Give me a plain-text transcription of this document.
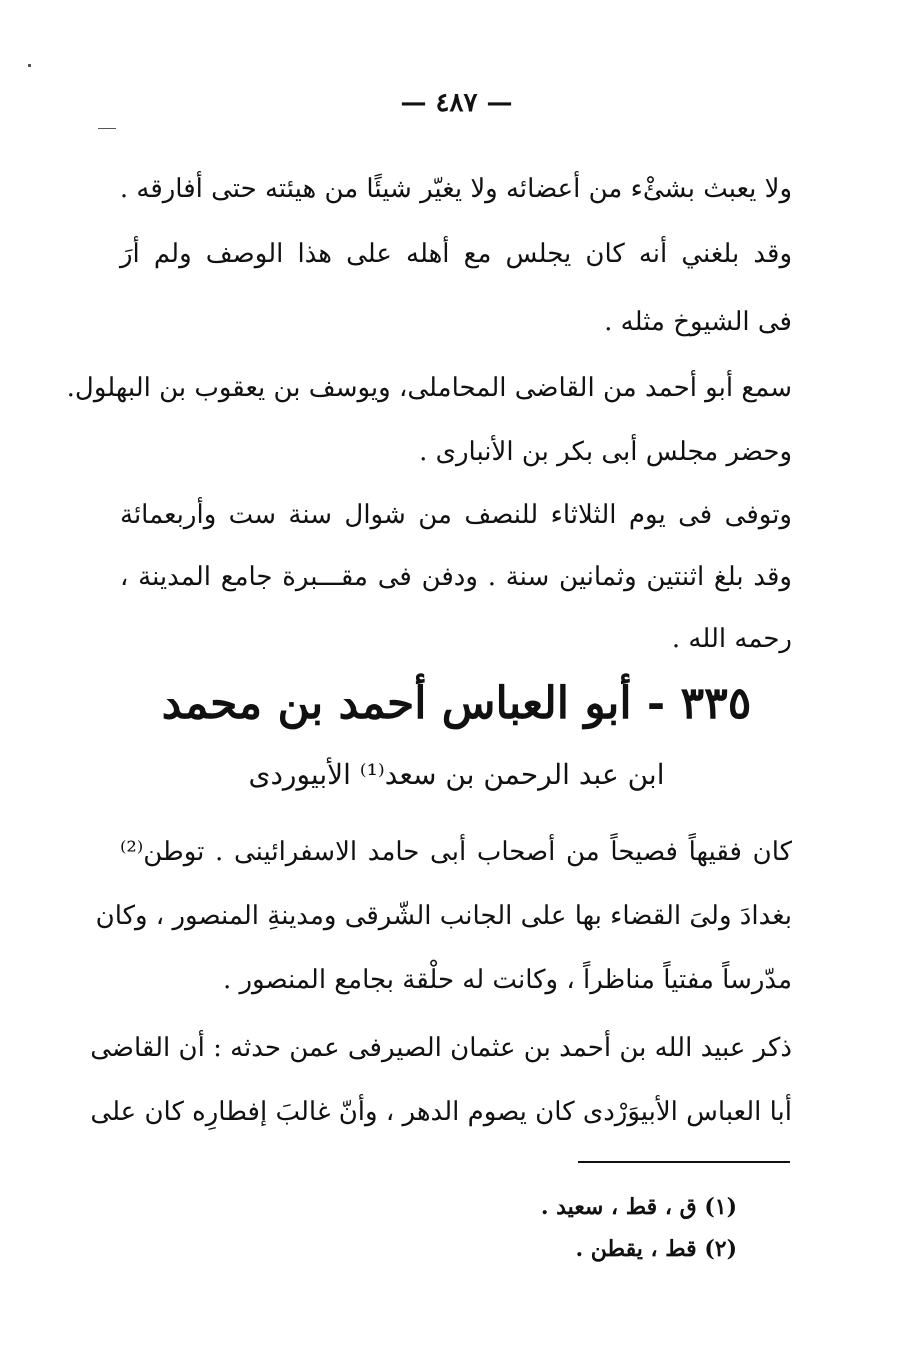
— ٤٨٧ —
ولا يعبث بشئْء من أعضائه ولا يغيّر شيئًا من هيئته حتى أفارقه .
وقد بلغني أنه كان يجلس مع أهله على هذا الوصف ولم أرَ
فى الشيوخ مثله .
سمع أبو أحمد من القاضى المحاملى، ويوسف بن يعقوب بن البهلول.
وحضر مجلس أبى بكر بن الأنبارى .
وتوفى فى يوم الثلاثاء للنصف من شوال سنة ست وأربعمائة
وقد بلغ اثنتين وثمانين سنة . ودفن فى مقـــبرة جامع المدينة ،
رحمه الله .
٣٣٥ - أبو العباس أحمد بن محمد
ابن عبد الرحمن بن سعد⁽¹⁾ الأبيوردى
كان فقيهاً فصيحاً من أصحاب أبى حامد الاسفرائينى . توطن⁽²⁾
بغدادَ ولىَ القضاء بها على الجانب الشّرقى ومدينةِ المنصور ، وكان
مدّرساً مفتياً مناظراً ، وكانت له حلْقة بجامع المنصور .
ذكر عبيد الله بن أحمد بن عثمان الصيرفى عمن حدثه : أن القاضى
أبا العباس الأبيوَرْدى كان يصوم الدهر ، وأنّ غالبَ إفطارِه كان على
(١) ق ، قط ، سعيد .
(٢) قط ، يقطن .
